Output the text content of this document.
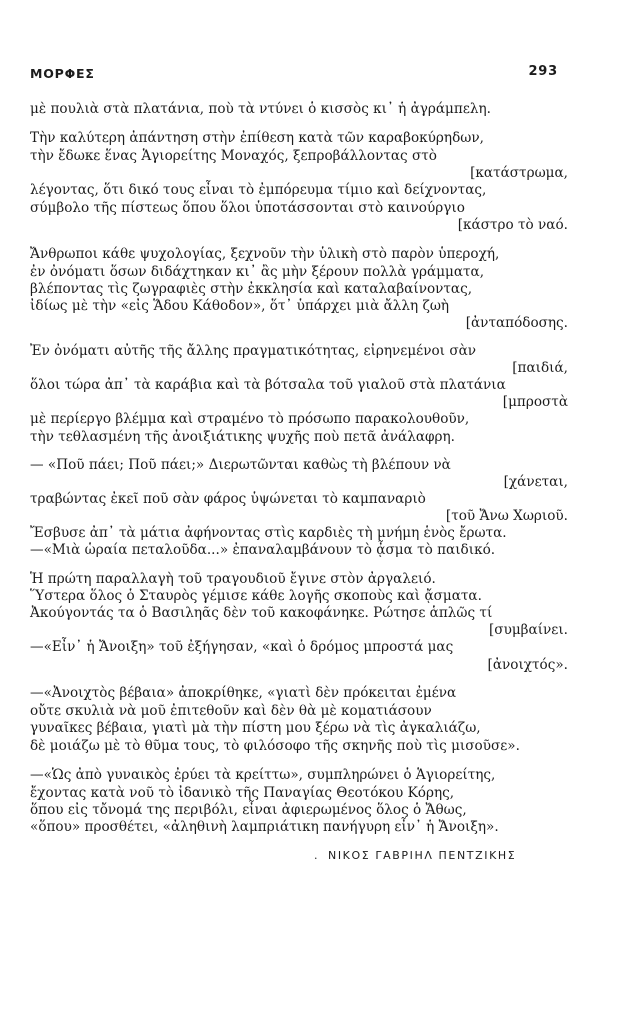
ΜΟΡΦΕΣ	293
μὲ πουλιὰ στὰ πλατάνια, ποὺ τὰ ντύνει ὁ κισσὸς κι᾿ ἡ ἀγράμπελη.
Τὴν καλύτερη ἀπάντηση στὴν ἐπίθεση κατὰ τῶν καραβοκύρηδων,
τὴν ἔδωκε ἕνας Ἁγιορείτης Μοναχός, ξεπροβάλλοντας στὸ
[κατάστρωμα,
λέγοντας, ὅτι δικό τους εἶναι τὸ ἐμπόρευμα τίμιο καὶ δείχνοντας,
σύμβολο τῆς πίστεως ὅπου ὅλοι ὑποτάσσονται στὸ καινούργιο
[κάστρο τὸ ναό.
Ἄνθρωποι κάθε ψυχολογίας, ξεχνοῦν τὴν ὑλικὴ στὸ παρὸν ὑπεροχή,
ἐν ὀνόματι ὅσων διδάχτηκαν κι᾿ ἂς μὴν ξέρουν πολλὰ γράμματα,
βλέποντας τὶς ζωγραφιὲς στὴν ἐκκλησία καὶ καταλαβαίνοντας,
ἰδίως μὲ τὴν «εἰς Ἅδου Κάθοδον», ὅτ᾿ ὑπάρχει μιὰ ἄλλη ζωὴ
[ἀνταπόδοσης.
Ἐν ὀνόματι αὐτῆς τῆς ἄλλης πραγματικότητας, εἰρηνεμένοι σὰν
[παιδιά,
ὅλοι τώρα ἀπ᾿ τὰ καράβια καὶ τὰ βότσαλα τοῦ γιαλοῦ στὰ πλατάνια
[μπροστὰ
μὲ περίεργο βλέμμα καὶ στραμένο τὸ πρόσωπο παρακολουθοῦν,
τὴν τεθλασμένη τῆς ἀνοιξιάτικης ψυχῆς ποὺ πετᾶ ἀνάλαφρη.
— «Ποῦ πάει; Ποῦ πάει;» Διερωτῶνται καθὼς τὴ βλέπουν νὰ
[χάνεται,
τραβώντας ἐκεῖ ποῦ σὰν φάρος ὑψώνεται τὸ καμπαναριὸ
[τοῦ Ἄνω Χωριοῦ.
Ἔσβυσε ἀπ᾿ τὰ μάτια ἀφήνοντας στὶς καρδιὲς τὴ μνήμη ἑνὸς ἔρωτα.
—«Μιὰ ὡραία πεταλοῦδα...» ἐπαναλαμβάνουν τὸ ᾆσμα τὸ παιδικό.
Ἡ πρώτη παραλλαγὴ τοῦ τραγουδιοῦ ἔγινε στὸν ἀργαλειό.
Ὕστερα ὅλος ὁ Σταυρὸς γέμισε κάθε λογῆς σκοποὺς καὶ ᾄσματα.
Ἀκούγοντάς τα ὁ Βασιληᾶς δὲν τοῦ κακοφάνηκε. Ρώτησε ἁπλῶς τί
[συμβαίνει.
—«Εἶν᾿ ἡ Ἄνοιξη» τοῦ ἐξήγησαν, «καὶ ὁ δρόμος μπροστά μας
[ἀνοιχτός».
—«Ἀνοιχτὸς βέβαια» ἀποκρίθηκε, «γιατὶ δὲν πρόκειται ἐμένα
οὔτε σκυλιὰ νὰ μοῦ ἐπιτεθοῦν καὶ δὲν θὰ μὲ κοματιάσουν
γυναῖκες βέβαια, γιατὶ μὰ τὴν πίστη μου ξέρω νὰ τὶς ἀγκαλιάζω,
δὲ μοιάζω μὲ τὸ θῦμα τους, τὸ φιλόσοφο τῆς σκηνῆς ποὺ τὶς μισοῦσε».
—«Ὡς ἀπὸ γυναικὸς ἐρύει τὰ κρείττω», συμπληρώνει ὁ Ἁγιορείτης,
ἔχοντας κατὰ νοῦ τὸ ἰδανικὸ τῆς Παναγίας Θεοτόκου Κόρης,
ὅπου εἰς τὄνομά της περιβόλι, εἶναι ἀφιερωμένος ὅλος ὁ Ἄθως,
«ὅπου» προσθέτει, «ἀληθινὴ λαμπριάτικη πανήγυρη εἶν᾿ ἡ Ἄνοιξη».
. ΝΙΚΟΣ ΓΑΒΡΙΗΛ ΠΕΝΤΖΙΚΗΣ
